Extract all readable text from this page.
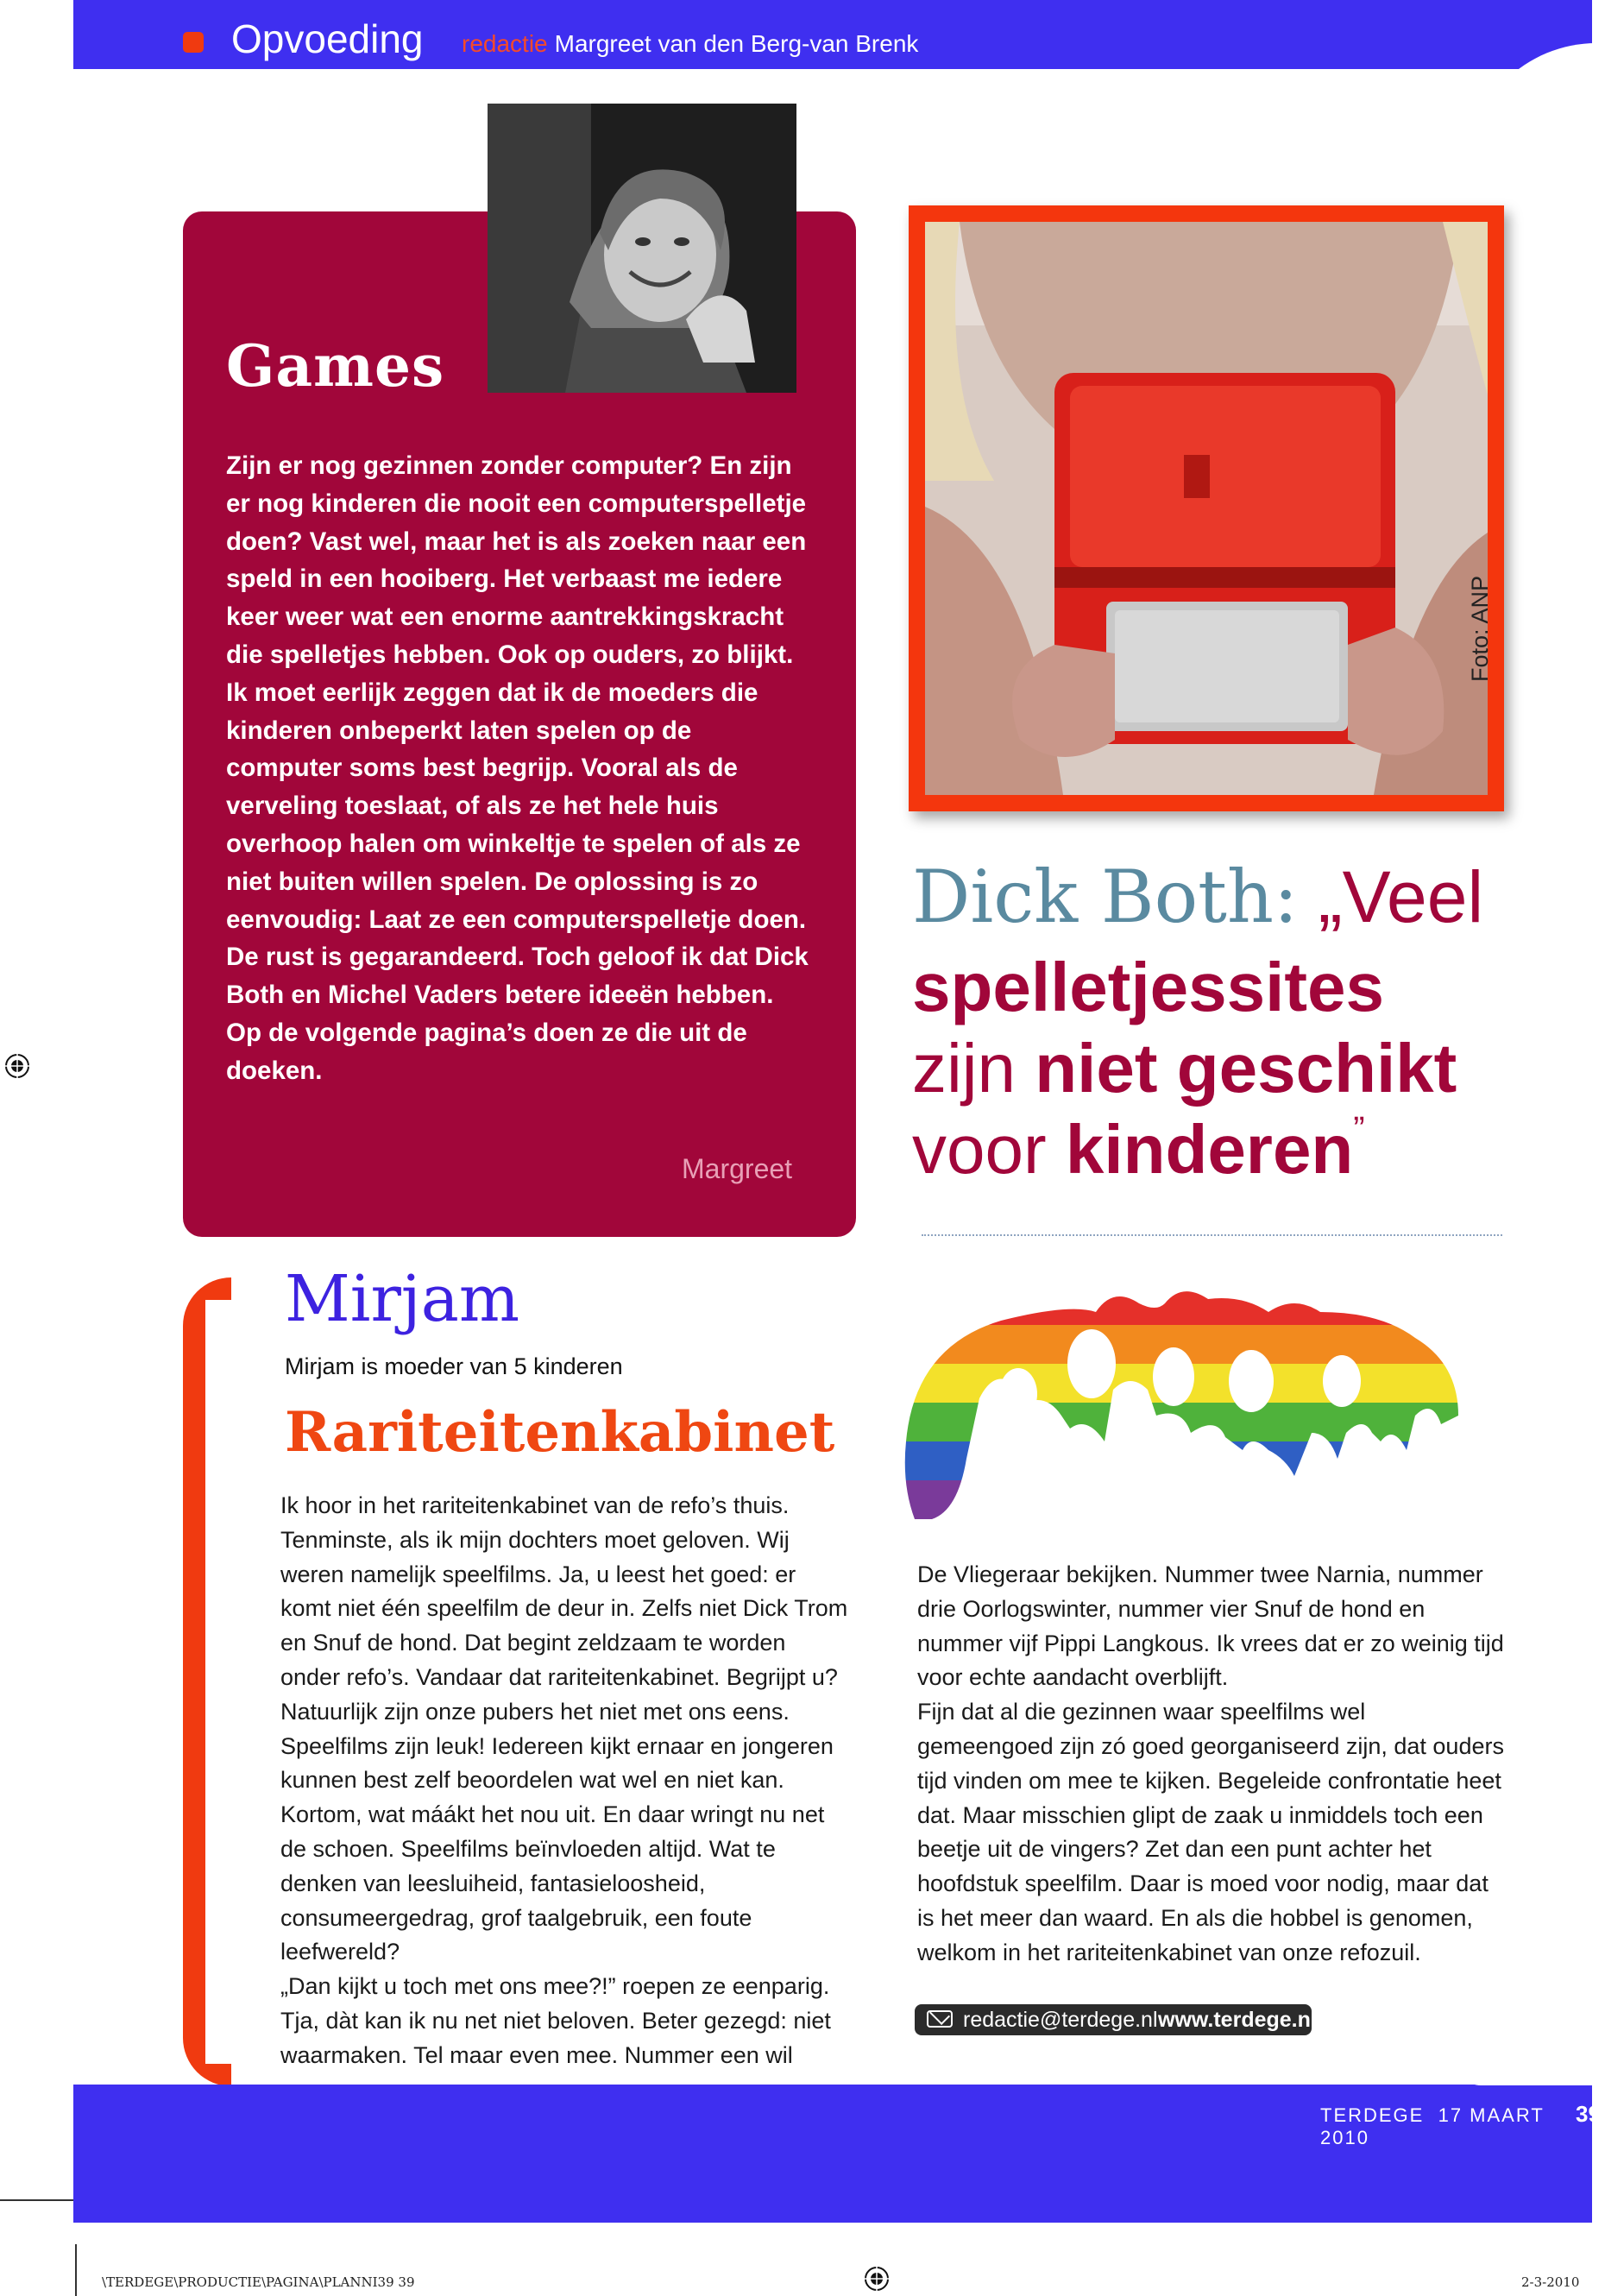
Opvoeding redactie Margreet van den Berg-van Brenk
Games
Zijn er nog gezinnen zonder computer? En zijn er nog kinderen die nooit een computerspelletje doen? Vast wel, maar het is als zoeken naar een speld in een hooiberg. Het verbaast me iedere keer weer wat een enorme aantrekkingskracht die spelletjes hebben. Ook op ouders, zo blijkt. Ik moet eerlijk zeggen dat ik de moeders die kinderen onbeperkt laten spelen op de computer soms best begrijp. Vooral als de verveling toeslaat, of als ze het hele huis overhoop halen om winkeltje te spelen of als ze niet buiten willen spelen. De oplossing is zo eenvoudig: Laat ze een computerspelletje doen. De rust is gegarandeerd. Toch geloof ik dat Dick Both en Michel Vaders betere ideeën hebben. Op de volgende pagina’s doen ze die uit de doeken.
Margreet
Foto: ANP
Dick Both: „Veel
spelletjessites
zijn niet geschikt
voor kinderen”
Mirjam
Mirjam is moeder van 5 kinderen
Rariteitenkabinet
Ik hoor in het rariteitenkabinet van de refo’s thuis. Tenminste, als ik mijn dochters moet geloven. Wij weren namelijk speelfilms. Ja, u leest het goed: er komt niet één speelfilm de deur in. Zelfs niet Dick Trom en Snuf de hond. Dat begint zeldzaam te worden onder refo’s. Vandaar dat rariteitenkabinet. Begrijpt u?
Natuurlijk zijn onze pubers het niet met ons eens. Speelfilms zijn leuk! Iedereen kijkt ernaar en jongeren kunnen best zelf beoordelen wat wel en niet kan. Kortom, wat máákt het nou uit. En daar wringt nu net de schoen. Speelfilms beïnvloeden altijd. Wat te denken van leesluiheid, fantasieloosheid, consumeergedrag, grof taalgebruik, een foute leefwereld?
„Dan kijkt u toch met ons mee?!” roepen ze eenparig. Tja, dàt kan ik nu net niet beloven. Beter gezegd: niet waarmaken. Tel maar even mee. Nummer een wil
De Vliegeraar bekijken. Nummer twee Narnia, nummer drie Oorlogswinter, nummer vier Snuf de hond en nummer vijf Pippi Langkous. Ik vrees dat er zo weinig tijd voor echte aandacht overblijft.
Fijn dat al die gezinnen waar speelfilms wel gemeengoed zijn zó goed georganiseerd zijn, dat ouders tijd vinden om mee te kijken. Begeleide confrontatie heet dat. Maar misschien glipt de zaak u inmiddels toch een beetje uit de vingers? Zet dan een punt achter het hoofdstuk speelfilm. Daar is moed voor nodig, maar dat is het meer dan waard. En als die hobbel is genomen, welkom in het rariteitenkabinet van onze refozuil.
redactie@terdege.nl www.terdege.nl
TERDEGE 17 MAART 2010
39
\TERDEGE\PRODUCTIE\PAGINA\PLANNI39 39	2-3-2010
